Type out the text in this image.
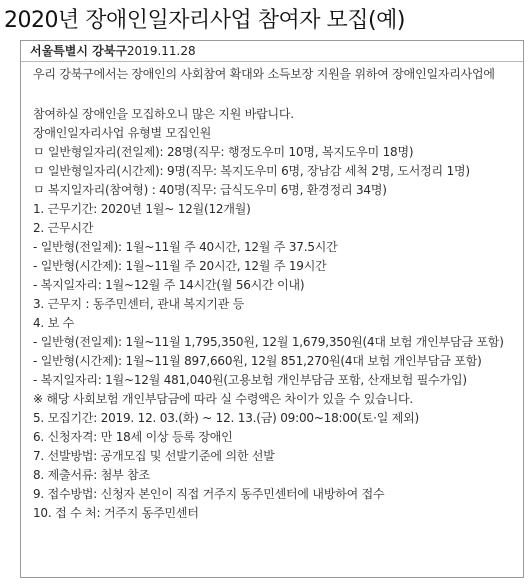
2020년 장애인일자리사업 참여자 모집(예)
서울특별시 강북구2019.11.28
우리 강북구에서는 장애인의 사회참여 확대와 소득보장 지원을 위하여 장애인일자리사업에
참여하실 장애인을 모집하오니 많은 지원 바랍니다.
장애인일자리사업 유형별 모집인원
ㅁ 일반형일자리(전일제): 28명(직무: 행정도우미 10명, 복지도우미 18명)
ㅁ 일반형일자리(시간제): 9명(직무: 복지도우미 6명, 장남감 세척 2명, 도서정리 1명)
ㅁ 복지일자리(참여형) : 40명(직무: 급식도우미 6명, 환경정리 34명)
1. 근무기간: 2020년 1월~ 12월(12개월)
2. 근무시간
- 일반형(전일제): 1월~11월 주 40시간, 12월 주 37.5시간
- 일반형(시간제): 1월~11월 주 20시간, 12월 주 19시간
- 복지일자리: 1월~12월 주 14시간(월 56시간 이내)
3. 근무지 : 동주민센터, 관내 복지기관 등
4. 보 수
- 일반형(전일제): 1월~11월 1,795,350원, 12월 1,679,350원(4대 보험 개인부담금 포함)
- 일반형(시간제): 1월~11월 897,660원, 12월 851,270원(4대 보험 개인부담금 포함)
- 복지일자리: 1월~12월 481,040원(고용보험 개인부담금 포함, 산재보험 필수가입)
※ 해당 사회보험 개인부담금에 따라 실 수령액은 차이가 있을 수 있습니다.
5. 모집기간: 2019. 12. 03.(화) ~ 12. 13.(금) 09:00~18:00(토·일 제외)
6. 신청자격: 만 18세 이상 등록 장애인
7. 선발방법: 공개모집 및 선발기준에 의한 선발
8. 제출서류: 첨부 참조
9. 접수방법: 신청자 본인이 직접 거주지 동주민센터에 내방하여 접수
10. 접 수 처: 거주지 동주민센터
